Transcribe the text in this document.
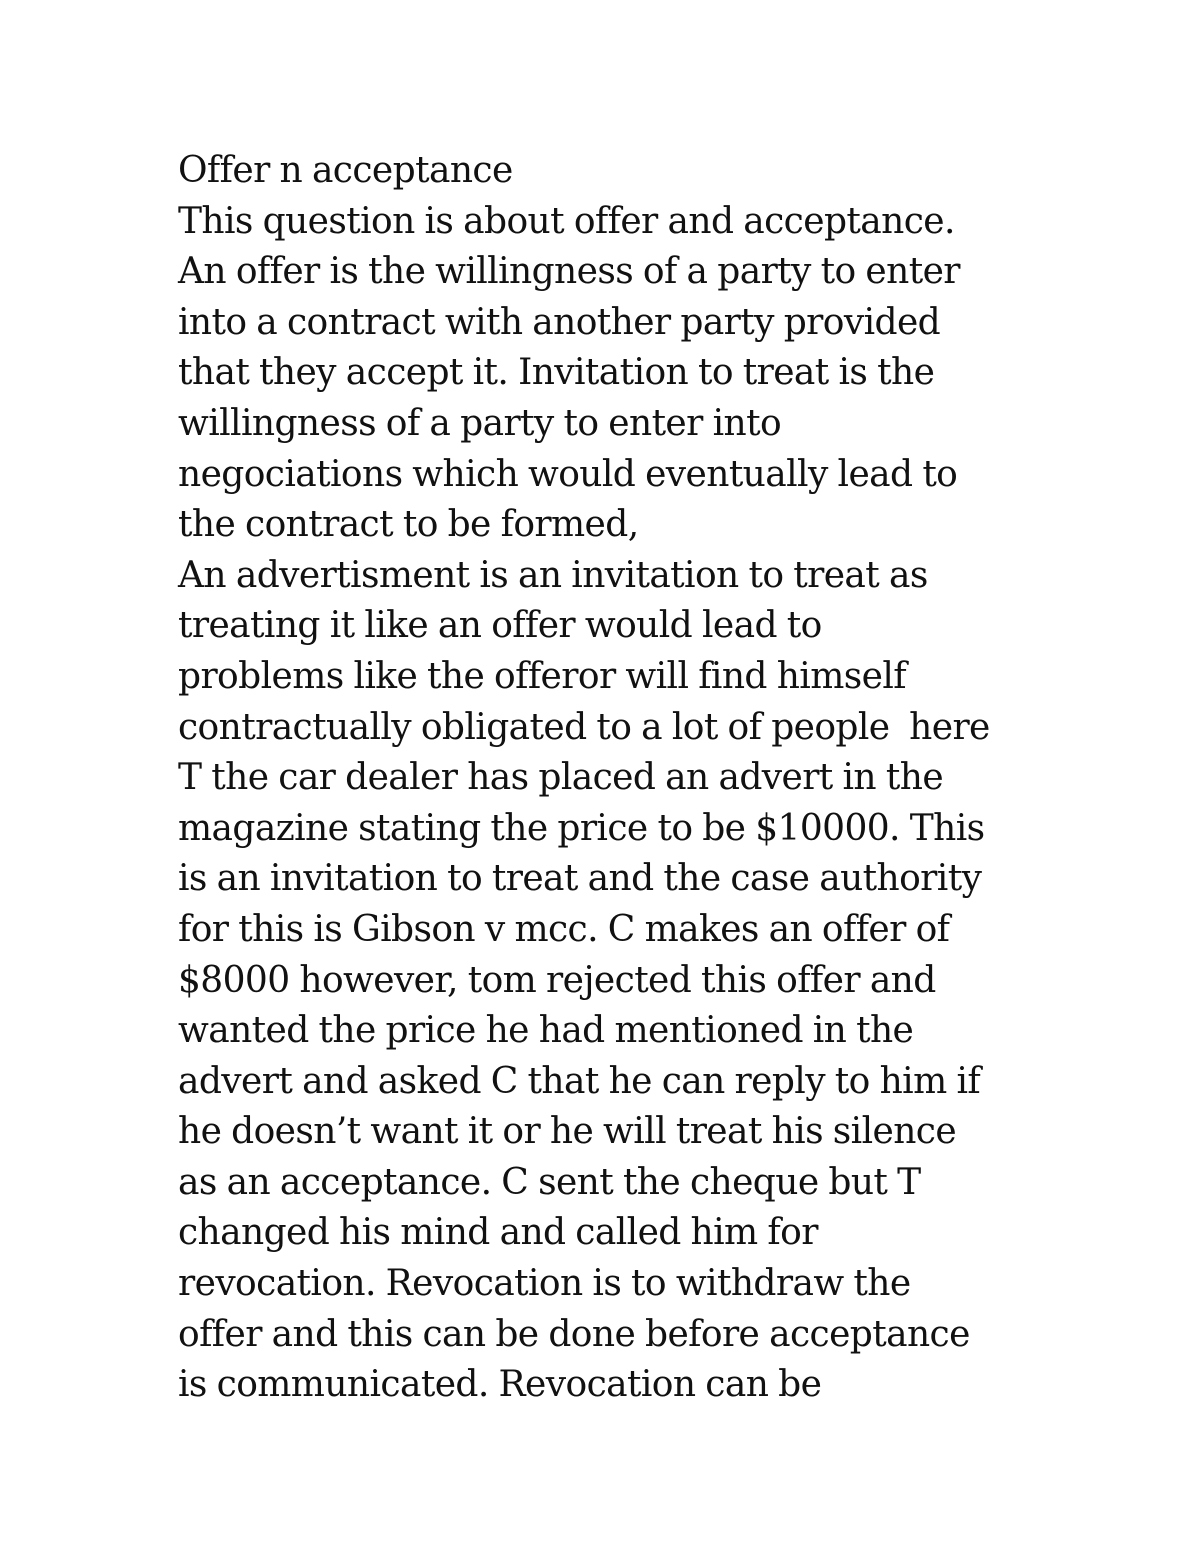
Offer n acceptance
This question is about offer and acceptance.
An offer is the willingness of a party to enter
into a contract with another party provided
that they accept it. Invitation to treat is the
willingness of a party to enter into
negociations which would eventually lead to
the contract to be formed,
An advertisment is an invitation to treat as
treating it like an offer would lead to
problems like the offeror will find himself
contractually obligated to a lot of people  here
T the car dealer has placed an advert in the
magazine stating the price to be $10000. This
is an invitation to treat and the case authority
for this is Gibson v mcc. C makes an offer of
$8000 however, tom rejected this offer and
wanted the price he had mentioned in the
advert and asked C that he can reply to him if
he doesn’t want it or he will treat his silence
as an acceptance. C sent the cheque but T
changed his mind and called him for
revocation. Revocation is to withdraw the
offer and this can be done before acceptance
is communicated. Revocation can be
